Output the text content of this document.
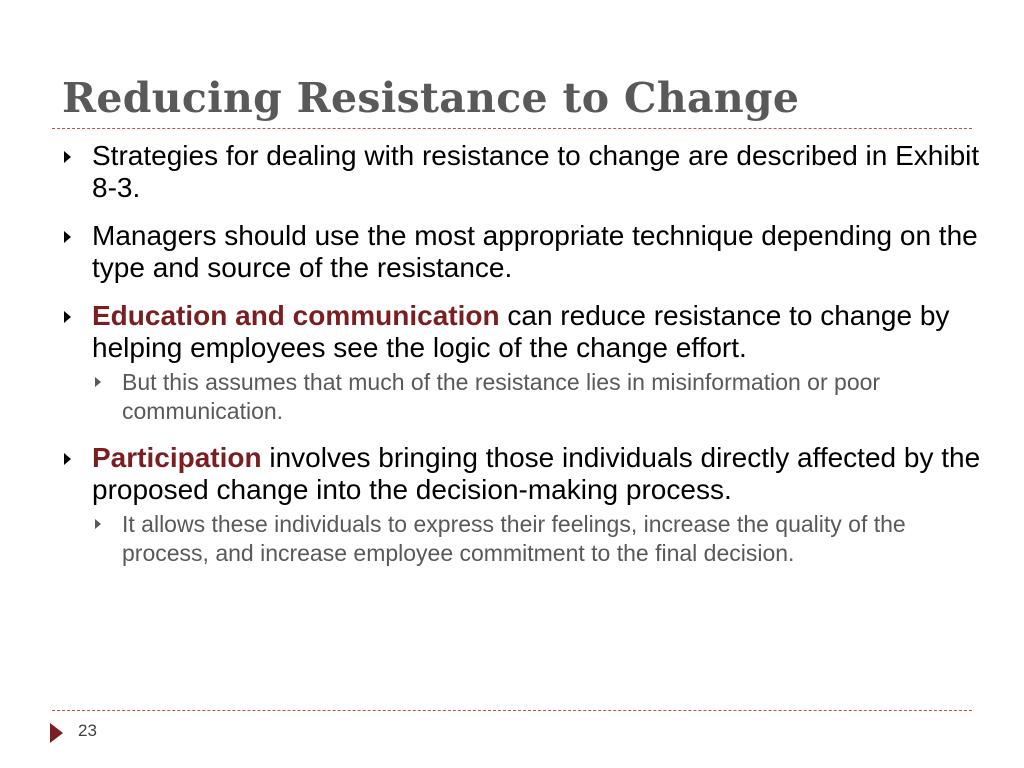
Reducing Resistance to Change
Strategies for dealing with resistance to change are described in Exhibit 8-3.
Managers should use the most appropriate technique depending on the type and source of the resistance.
Education and communication can reduce resistance to change by helping employees see the logic of the change effort.
But this assumes that much of the resistance lies in misinformation or poor communication.
Participation involves bringing those individuals directly affected by the proposed change into the decision-making process.
It allows these individuals to express their feelings, increase the quality of the process, and increase employee commitment to the final decision.
23
